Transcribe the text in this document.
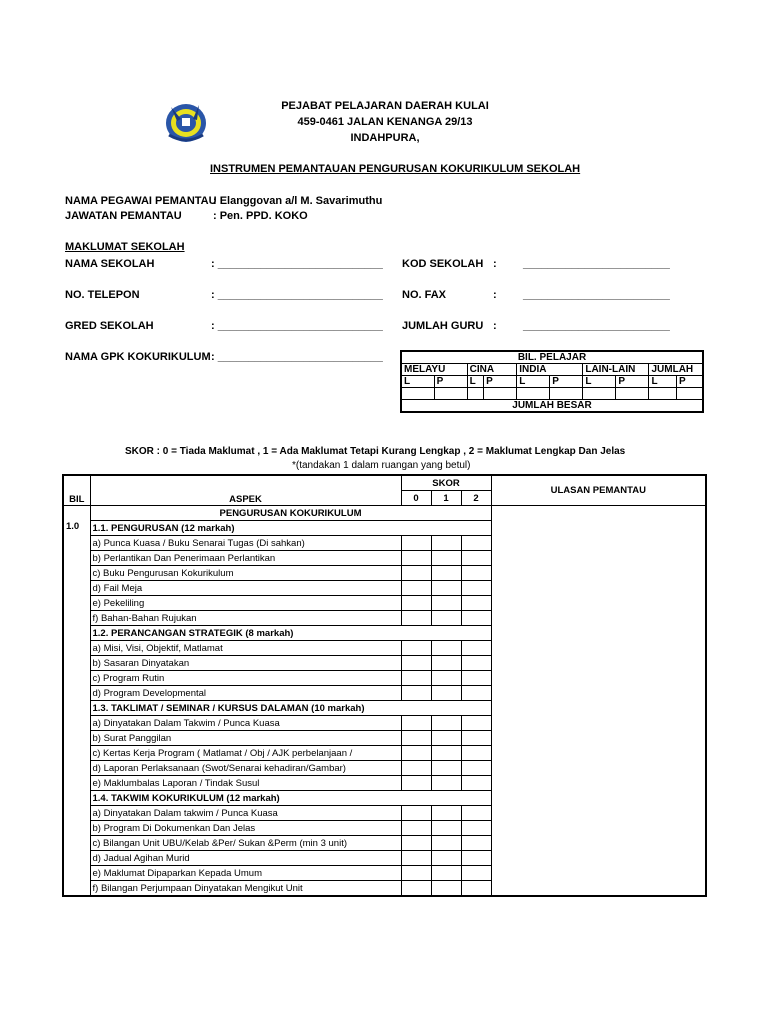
PEJABAT PELAJARAN DAERAH KULAI
459-0461 JALAN KENANGA 29/13
INDAHPURA,
INSTRUMEN PEMANTAUAN PENGURUSAN KOKURIKULUM SEKOLAH
NAMA PEGAWAI PEMANTAU
: Elanggovan a/l M. Savarimuthu
JAWATAN PEMANTAU	: Pen. PPD. KOKO
MAKLUMAT SEKOLAH
NAMA SEKOLAH	: ___________________________ KOD SEKOLAH : ________________________
NO. TELEPON	: ___________________________ NO. FAX	: ________________________
GRED SEKOLAH	: ___________________________ JUMLAH GURU : ________________________
NAMA GPK KOKURIKULUM : ___________________________	BIL. PELAJAR									
MELAYU		CINA		INDIA		LAIN-LAIN		JUMLAH	
L	P	L	P	L	P	L	P	L	P

JUMLAH BESAR									
SKOR : 0 = Tiada Maklumat , 1 = Ada Maklumat Tetapi Kurang Lengkap , 2 = Maklumat Lengkap Dan Jelas
*(tandakan 1 dalam ruangan yang betul)
BIL	ASPEK	SKOR			ULASAN PEMANTAU
		0	1	2	
	PENGURUSAN KOKURIKULUM				
1.0	1.1. PENGURUSAN (12 markah)				
	a) Punca Kuasa / Buku Senarai Tugas (Di sahkan)				
	b) Perlantikan Dan Penerimaan Perlantikan				
	c) Buku Pengurusan Kokurikulum				
	d) Fail Meja				
	e) Pekeliling				
	f) Bahan-Bahan Rujukan				
	1.2. PERANCANGAN STRATEGIK (8 markah)				
	a) Misi, Visi, Objektif, Matlamat				
	b) Sasaran Dinyatakan				
	c) Program Rutin				
	d) Program Developmental				
	1.3. TAKLIMAT / SEMINAR / KURSUS DALAMAN (10 markah)				
	a) Dinyatakan Dalam Takwim / Punca Kuasa				
	b) Surat Panggilan				
	c) Kertas Kerja Program ( Matlamat / Obj / AJK perbelanjaan /				
	d) Laporan Perlaksanaan (Swot/Senarai kehadiran/Gambar)				
	e) Maklumbalas Laporan / Tindak Susul				
	1.4. TAKWIM KOKURIKULUM (12 markah)				
	a) Dinyatakan Dalam takwim / Punca Kuasa				
	b) Program Di Dokumenkan Dan Jelas				
	c) Bilangan Unit UBU/Kelab &Per/ Sukan &Perm (min 3 unit)				
	d) Jadual Agihan Murid				
	e) Maklumat Dipaparkan Kepada Umum				
	f) Bilangan Perjumpaan Dinyatakan Mengikut Unit				
